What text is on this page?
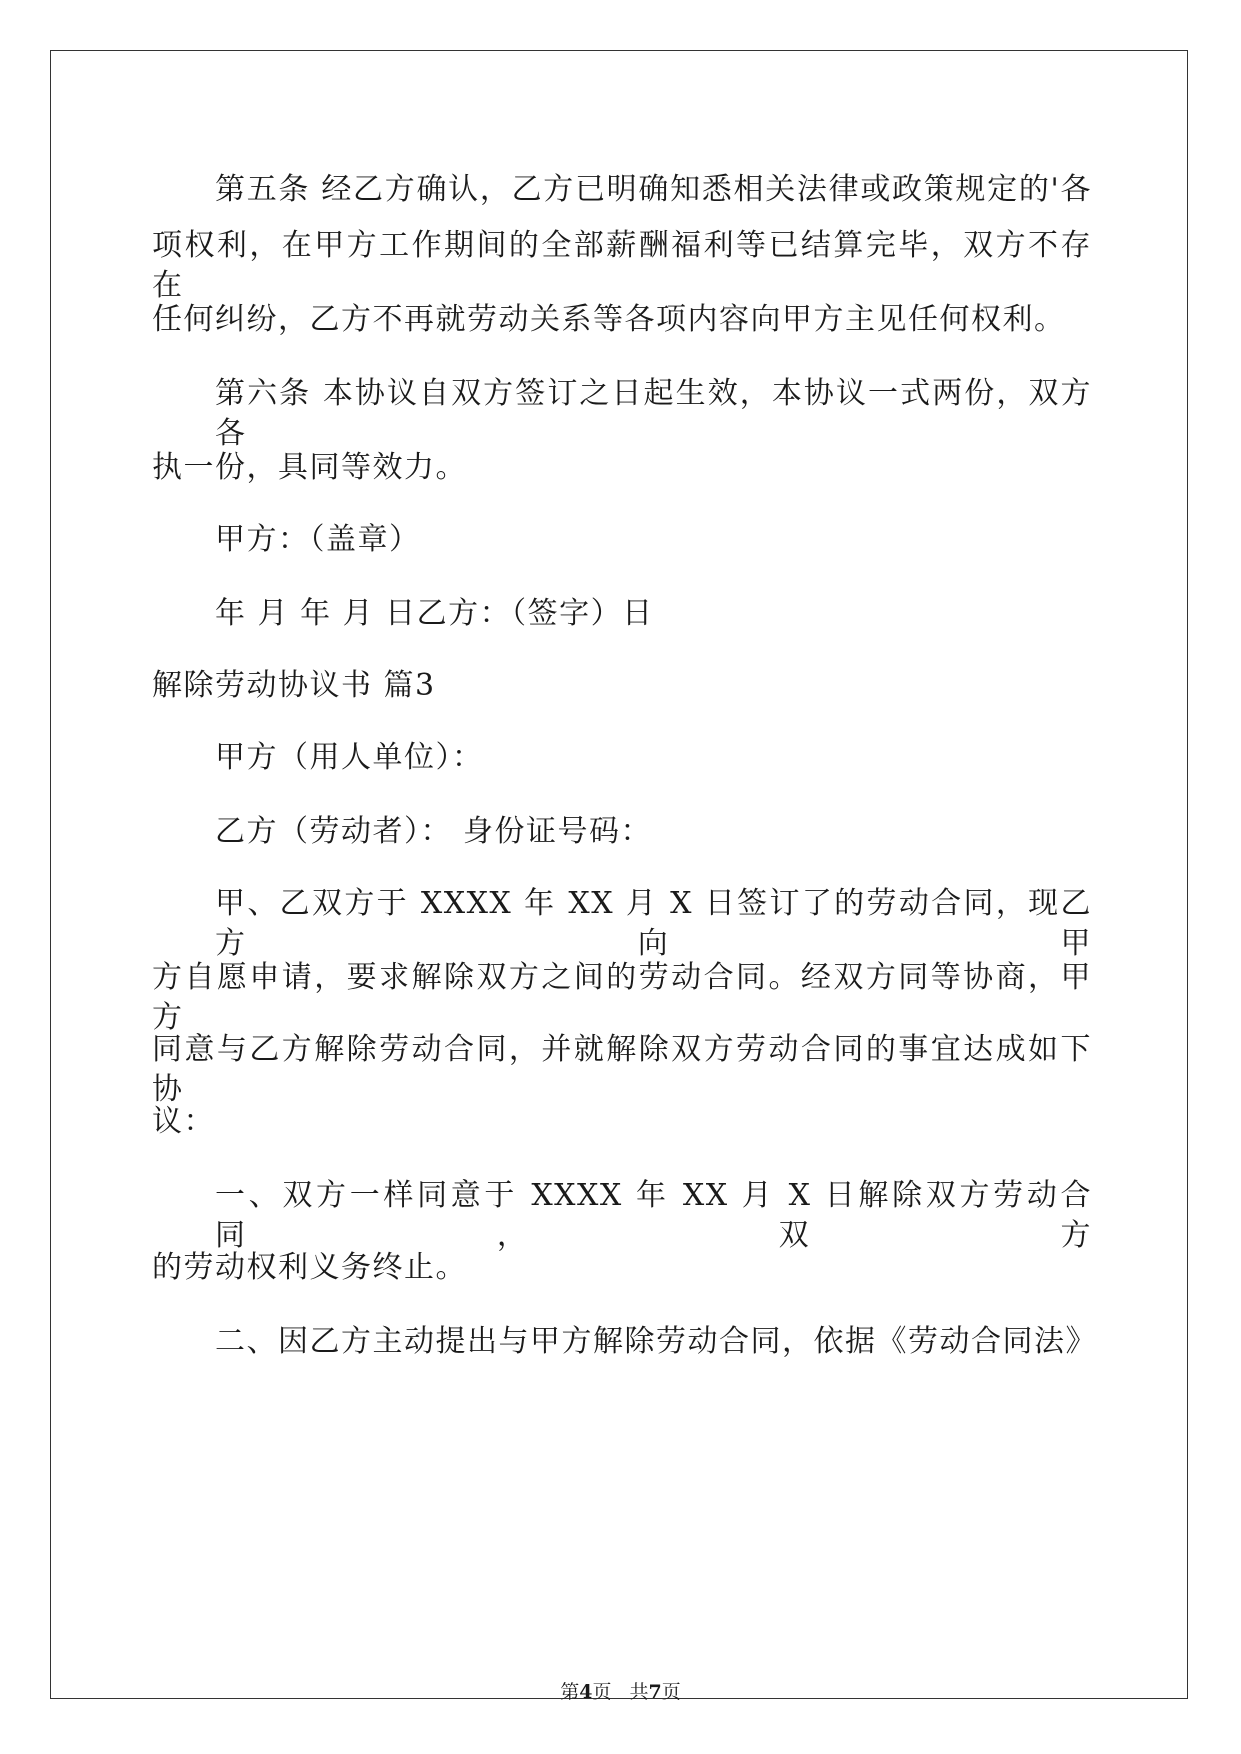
第五条 经乙方确认，乙方已明确知悉相关法律或政策规定的'各
项权利，在甲方工作期间的全部薪酬福利等已结算完毕，双方不存在
任何纠纷，乙方不再就劳动关系等各项内容向甲方主见任何权利。
第六条 本协议自双方签订之日起生效，本协议一式两份，双方各
执一份，具同等效力。
甲方：（盖章）
年 月 年 月 日乙方：（签字）日
解除劳动协议书 篇3
甲方（用人单位）：
乙方（劳动者）： 身份证号码：
甲、乙双方于 XXXX 年 XX 月 X 日签订了的劳动合同，现乙方向甲
方自愿申请，要求解除双方之间的劳动合同。经双方同等协商，甲方
同意与乙方解除劳动合同，并就解除双方劳动合同的事宜达成如下协
议：
一、双方一样同意于 XXXX 年 XX 月 X 日解除双方劳动合同，双方
的劳动权利义务终止。
二、因乙方主动提出与甲方解除劳动合同，依据《劳动合同法》
第4页 共7页
